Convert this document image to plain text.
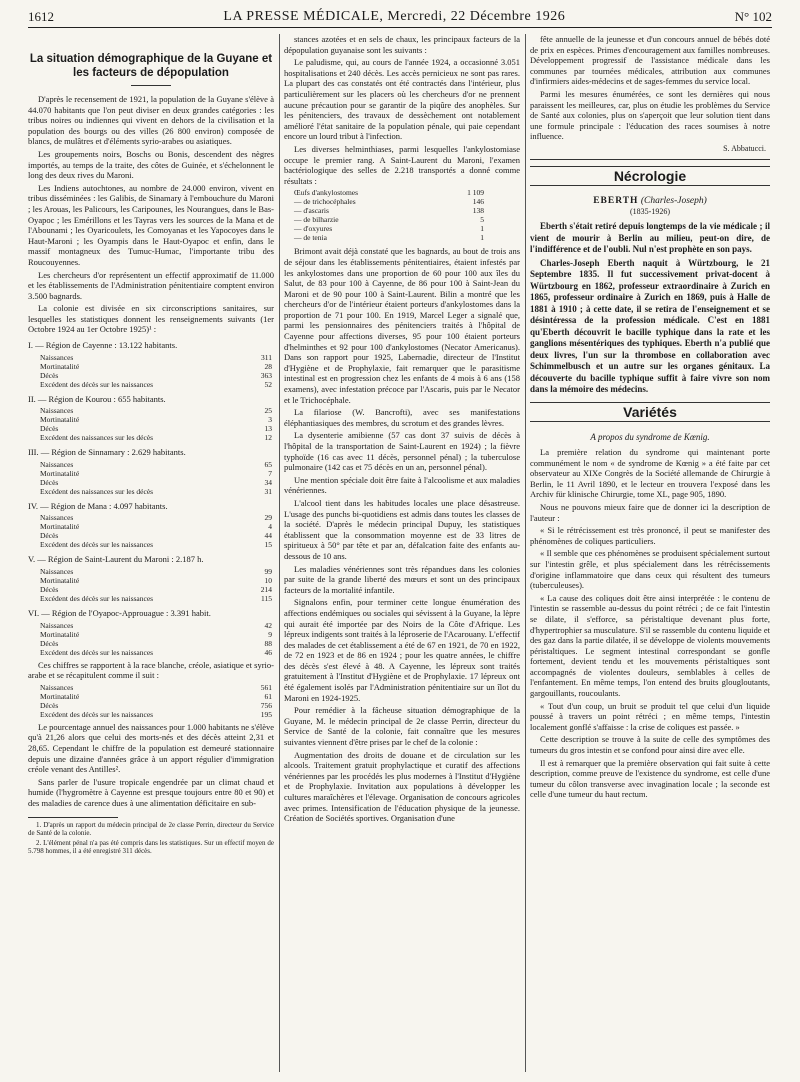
1612	LA PRESSE MÉDICALE, Mercredi, 22 Décembre 1926	N° 102
La situation démographique de la Guyane et les facteurs de dépopulation

D'après le recensement de 1921, la population de la Guyane s'élève à 44.070 habitants que l'on peut diviser en deux grandes catégories : les tribus noires ou indiennes qui vivent en dehors de la civilisation et la population des bourgs ou des villes (26 800 environ) composée de blancs, de mulâtres et d'éléments syrio-arabes ou asiatiques.

Les groupements noirs, Boschs ou Bonis, descendent des nègres importés, au temps de la traite, des côtes de Guinée, et s'échelonnent le long des deux rives du Maroni.

Les Indiens autochtones, au nombre de 24.000 environ, vivent en tribus disséminées : les Galibis, de Sinamary à l'embouchure du Maroni ; les Arouas, les Palicours, les Caripounes, les Nourangues, dans le Bas-Oyapoc ; les Emérillons et les Tayras vers les sources de la Mana et de l'Abounami ; les Oyaricoulets, les Comoyanas et les Yapocoyes dans le Haut-Maroni ; les Oyampis dans le Haut-Oyapoc et enfin, dans le massif montagneux des Tumuc-Humac, l'importante tribu des Roucouyennes.

Les chercheurs d'or représentent un effectif approximatif de 11.000 et les établissements de l'Administration pénitentiaire comptent environ 3.500 bagnards.

La colonie est divisée en six circonscriptions sanitaires, sur lesquelles les statistiques donnent les renseignements suivants (1er Octobre 1924 au 1er Octobre 1925)¹ :

I. — Région de Cayenne : 13.122 habitants.
Naissances	311
Mortinatalité	28
Décès	363
Excédent des décès sur les naissances	52
II. — Région de Kourou : 655 habitants.
Naissances	25
Mortinatalité	3
Décès	13
Excédent des naissances sur les décès	12
III. — Région de Sinnamary : 2.629 habitants.
Naissances	65
Mortinatalité	7
Décès	34
Excédent des naissances sur les décès	31
IV. — Région de Mana : 4.097 habitants.
Naissances	29
Mortinatalité	4
Décès	44
Excédent des décès sur les naissances	15
V. — Région de Saint-Laurent du Maroni : 2.187 h.
Naissances	99
Mortinatalité	10
Décès	214
Excédent des décès sur les naissances	115
VI. — Région de l'Oyapoc-Approuague : 3.391 habit.
Naissances	42
Mortinatalité	9
Décès	88
Excédent des décès sur les naissances	46

Ces chiffres se rapportent à la race blanche, créole, asiatique et syrio-arabe et se récapitulent comme il suit :

Naissances	561
Mortinatalité	61
Décès	756
Excédent des décès sur les naissances	195

Le pourcentage annuel des naissances pour 1.000 habitants ne s'élève qu'à 21,26 alors que celui des morts-nés et des décès atteint 2,31 et 28,65. Cependant le chiffre de la population est demeuré stationnaire depuis une dizaine d'années grâce à un apport régulier d'immigration créole venant des Antilles².

Sans parler de l'usure tropicale engendrée par un climat chaud et humide (l'hygromètre à Cayenne est presque toujours entre 80 et 90) et des maladies de carence dues à une alimentation déficitaire en sub-

1. D'après un rapport du médecin principal de 2e classe Perrin, directeur du Service de Santé de la colonie.

2. L'élément pénal n'a pas été compris dans les statistiques. Sur un effectif moyen de 5.798 hommes, il a été enregistré 311 décès.

stances azotées et en sels de chaux, les principaux facteurs de la dépopulation guyanaise sont les suivants :

Le paludisme, qui, au cours de l'année 1924, a occasionné 3.051 hospitalisations et 240 décès. Les accès pernicieux ne sont pas rares. La plupart des cas constatés ont été contractés dans l'intérieur, plus particulièrement sur les placers où les chercheurs d'or ne prennent aucune précaution pour se garantir de la piqûre des anophèles. Sur les pénitenciers, des travaux de dessèchement ont notablement amélioré l'état sanitaire de la population pénale, qui paie cependant encore un lourd tribut à l'infection.

Les diverses helminthiases, parmi lesquelles l'ankylostomiase occupe le premier rang. A Saint-Laurent du Maroni, l'examen bactériologique des selles de 2.218 transportés a donné comme résultats :

Œufs d'ankylostomes	1 109
— de trichocéphales	146
— d'ascaris	138
— de bilharzie	5
— d'oxyures	1
— de tenia	1

Brimont avait déjà constaté que les bagnards, au bout de trois ans de séjour dans les établissements pénitentiaires, étaient infestés par les ankylostomes dans une proportion de 60 pour 100 aux îles du Salut, de 83 pour 100 à Cayenne, de 86 pour 100 à Saint-Jean du Maroni et de 90 pour 100 à Saint-Laurent. Bilin a montré que les chercheurs d'or de l'intérieur étaient porteurs d'ankylostomes dans la proportion de 71 pour 100. En 1919, Marcel Leger a signalé que, parmi les pensionnaires des pénitenciers traités à l'hôpital de Cayenne pour affections diverses, 95 pour 100 étaient porteurs d'helminthes et 92 pour 100 d'ankylostomes (Necator Americanus). Dans son rapport pour 1925, Labernadie, directeur de l'Institut d'Hygiène et de Prophylaxie, fait remarquer que le parasitisme intestinal est en progression chez les enfants de 4 mois à 6 ans (158 examens), avec infestation précoce par l'Ascaris, puis par le Necator et le Trichocéphale.

La filariose (W. Bancrofti), avec ses manifestations éléphantiasiques des membres, du scrotum et des grandes lèvres.

La dysenterie amibienne (57 cas dont 37 suivis de décès à l'hôpital de la transportation de Saint-Laurent en 1924) ; la fièvre typhoïde (16 cas avec 11 décès, personnel pénal) ; la tuberculose pulmonaire (142 cas et 75 décès en un an, personnel pénal).

Une mention spéciale doit être faite à l'alcoolisme et aux maladies vénériennes.

L'alcool tient dans les habitudes locales une place désastreuse. L'usage des punchs bi-quotidiens est admis dans toutes les classes de la société. D'après le médecin principal Dupuy, les statistiques établissent que la consommation moyenne est de 33 litres de spiritueux à 50° par tête et par an, défalcation faite des enfants au-dessous de 10 ans.

Les maladies vénériennes sont très répandues dans les colonies par suite de la grande liberté des mœurs et sont un des principaux facteurs de la mortalité infantile.

Signalons enfin, pour terminer cette longue énumération des affections endémiques ou sociales qui sévissent à la Guyane, la lèpre qui aurait été importée par des Noirs de la Côte d'Afrique. Les lépreux indigents sont traités à la léproserie de l'Acarouany. L'effectif des malades de cet établissement a été de 67 en 1921, de 70 en 1922, de 72 en 1923 et de 86 en 1924 ; pour les quatre années, le chiffre des décès s'est élevé à 48. A Cayenne, les lépreux sont traités gratuitement à l'Institut d'Hygiène et de Prophylaxie. 17 lépreux ont été également isolés par l'Administration pénitentiaire sur un îlot du Maroni en 1924-1925.

Pour remédier à la fâcheuse situation démographique de la Guyane, M. le médecin principal de 2e classe Perrin, directeur du Service de Santé de la colonie, fait connaître que les mesures suivantes viennent d'être prises par le chef de la colonie :

Augmentation des droits de douane et de circulation sur les alcools. Traitement gratuit prophylactique et curatif des affections vénériennes par les procédés les plus modernes à l'Institut d'Hygiène et de Prophylaxie. Invitation aux populations à développer les cultures maraîchères et l'élevage. Organisation de concours agricoles avec primes. Intensification de l'éducation physique de la jeunesse. Création de Sociétés sportives. Organisation d'une

fête annuelle de la jeunesse et d'un concours annuel de bébés doté de prix en espèces. Primes d'encouragement aux familles nombreuses. Développement progressif de l'assistance médicale dans les communes par tournées médicales, attribution aux communes d'infirmiers aides-médecins et de sages-femmes du service local.

Parmi les mesures énumérées, ce sont les dernières qui nous paraissent les meilleures, car, plus on étudie les problèmes du Service de Santé aux colonies, plus on s'aperçoit que leur solution tient dans une formule principale : l'éducation des races soumises à notre influence.

S. Abbatucci.
Nécrologie
EBERTH (Charles-Joseph)
(1835-1926)

Eberth s'était retiré depuis longtemps de la vie médicale ; il vient de mourir à Berlin au milieu, peut-on dire, de l'indifférence et de l'oubli. Nul n'est prophète en son pays.

Charles-Joseph Eberth naquit à Würtzbourg, le 21 Septembre 1835. Il fut successivement privat-docent à Würtzbourg en 1862, professeur extraordinaire à Zurich en 1865, professeur ordinaire à Zurich en 1869, puis à Halle de 1881 à 1910 ; à cette date, il se retira de l'enseignement et se désintéressa de la profession médicale. C'est en 1881 qu'Eberth découvrit le bacille typhique dans la rate et les ganglions mésentériques des typhiques. Eberth n'a publié que deux livres, l'un sur la thrombose en collaboration avec Schimmelbusch et un autre sur les organes génitaux. La découverte du bacille typhique suffit à faire vivre son nom dans la mémoire des médecins.

Variétés
A propos du syndrome de Kœnig.

La première relation du syndrome qui maintenant porte communément le nom « de syndrome de Kœnig » a été faite par cet observateur au XIXe Congrès de la Société allemande de Chirurgie à Berlin, le 11 Avril 1890, et le lecteur en trouvera l'exposé dans les Archiv für klinische Chirurgie, tome XL, page 905, 1890.

Nous ne pouvons mieux faire que de donner ici la description de l'auteur :

« Si le rétrécissement est très prononcé, il peut se manifester des phénomènes de coliques particuliers.

« Il semble que ces phénomènes se produisent spécialement surtout sur l'intestin grêle, et plus spécialement dans les rétrécissements d'origine inflammatoire que dans ceux qui résultent des tumeurs (tuberculeuses).

« La cause des coliques doit être ainsi interprétée : le contenu de l'intestin se rassemble au-dessus du point rétréci ; de ce fait l'intestin se dilate, il s'efforce, sa péristaltique devenant plus forte, d'hypertrophier sa musculature. S'il se rassemble du contenu liquide et des gaz dans la partie dilatée, il se développe de violents mouvements péristaltiques. Le segment intestinal correspondant se gonfle fortement, devient tendu et les mouvements péristaltiques sont accompagnés de violentes douleurs, semblables à celles de l'enfantement. En même temps, l'on entend des bruits glougloutants, gargouillants, roucoulants.

« Tout d'un coup, un bruit se produit tel que celui d'un liquide poussé à travers un point rétréci ; en même temps, l'intestin localement gonflé s'affaisse : la crise de coliques est passée. »

Cette description se trouve à la suite de celle des symptômes des tumeurs du gros intestin et se confond pour ainsi dire avec elle.

Il est à remarquer que la première observation qui fait suite à cette description, comme preuve de l'existence du syndrome, est celle d'une tumeur du côlon transverse avec invagination locale ; la seconde est celle d'une tumeur du haut rectum.
